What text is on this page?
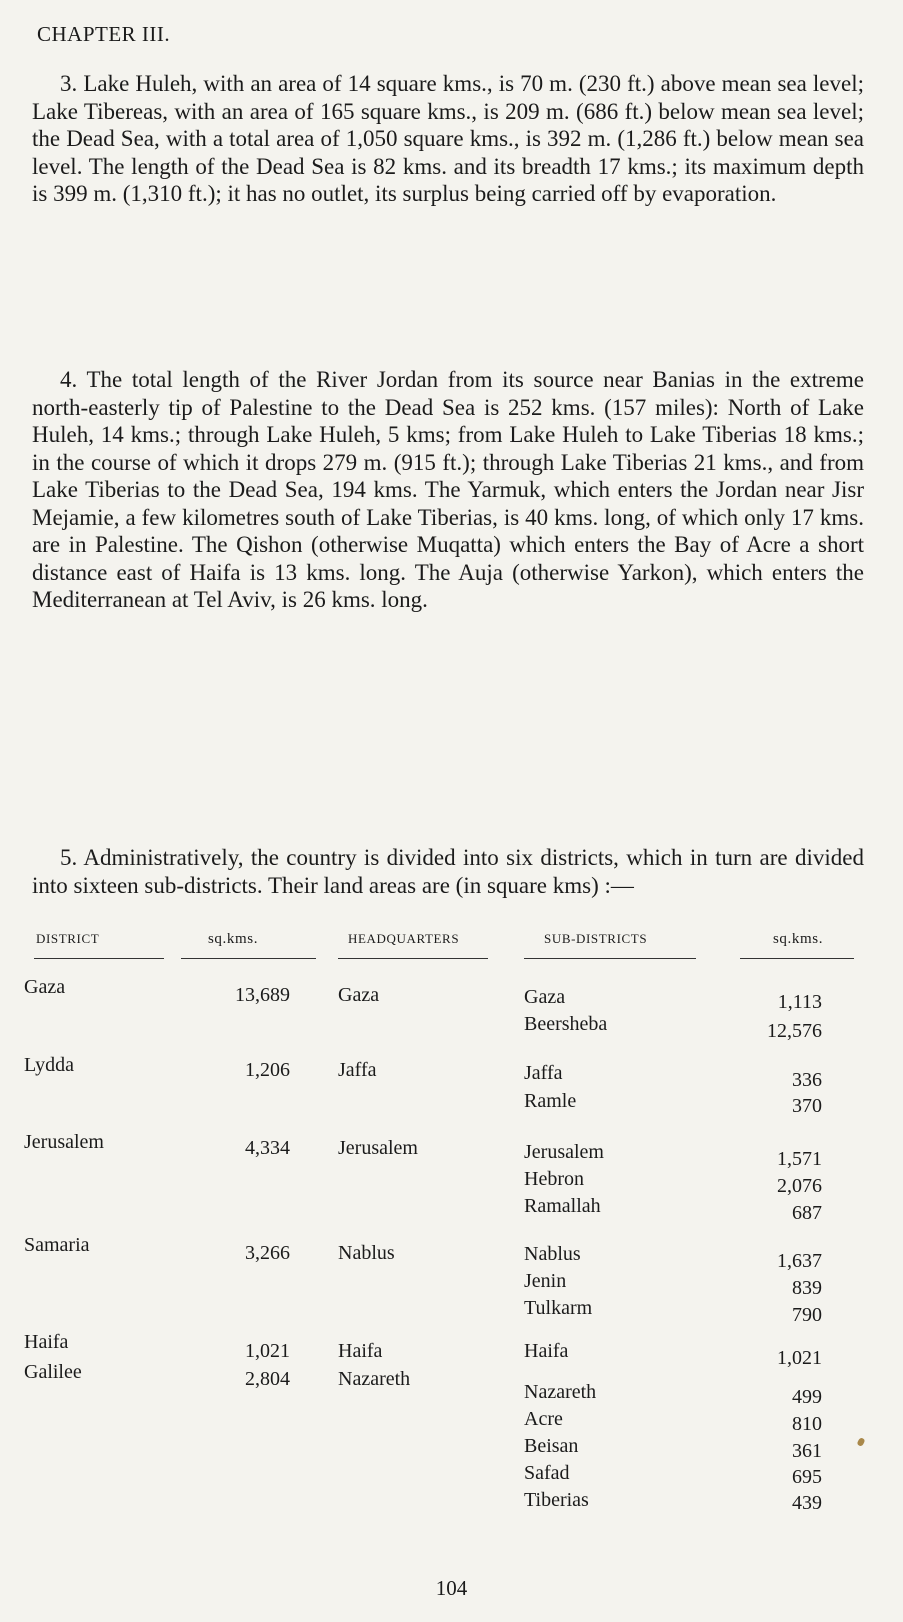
CHAPTER III.
3. Lake Huleh, with an area of 14 square kms., is 70 m. (230 ft.) above mean sea level; Lake Tibereas, with an area of 165 square kms., is 209 m. (686 ft.) below mean sea level; the Dead Sea, with a total area of 1,050 square kms., is 392 m. (1,286 ft.) below mean sea level. The length of the Dead Sea is 82 kms. and its breadth 17 kms.; its maximum depth is 399 m. (1,310 ft.); it has no outlet, its surplus being carried off by evaporation.
4. The total length of the River Jordan from its source near Banias in the extreme north-easterly tip of Palestine to the Dead Sea is 252 kms. (157 miles): North of Lake Huleh, 14 kms.; through Lake Huleh, 5 kms; from Lake Huleh to Lake Tiberias 18 kms.; in the course of which it drops 279 m. (915 ft.); through Lake Tiberias 21 kms., and from Lake Tiberias to the Dead Sea, 194 kms. The Yarmuk, which enters the Jordan near Jisr Mejamie, a few kilometres south of Lake Tiberias, is 40 kms. long, of which only 17 kms. are in Palestine. The Qishon (otherwise Muqatta) which enters the Bay of Acre a short distance east of Haifa is 13 kms. long. The Auja (otherwise Yarkon), which enters the Mediterranean at Tel Aviv, is 26 kms. long.
5. Administratively, the country is divided into six districts, which in turn are divided into sixteen sub-districts. Their land areas are (in square kms) :—
DISTRICT	sq.kms.	HEADQUARTERS	SUB-DISTRICTS	sq.kms.
Gaza	13,689 Gaza	Gaza	1,113
Beersheba	12,576
Lydda	1,206 Jaffa	Jaffa	336
Ramle	370
Jerusalem	4,334 Jerusalem	Jerusalem	1,571
Hebron	2,076
Ramallah	687
Samaria	3,266 Nablus	Nablus	1,637
Jenin	839
Tulkarm	790
Haifa	1,021 Haifa	Haifa	1,021
Galilee	2,804 Nazareth
Nazareth	499
Acre	810
Beisan	361
Safad	695
Tiberias	439
104
